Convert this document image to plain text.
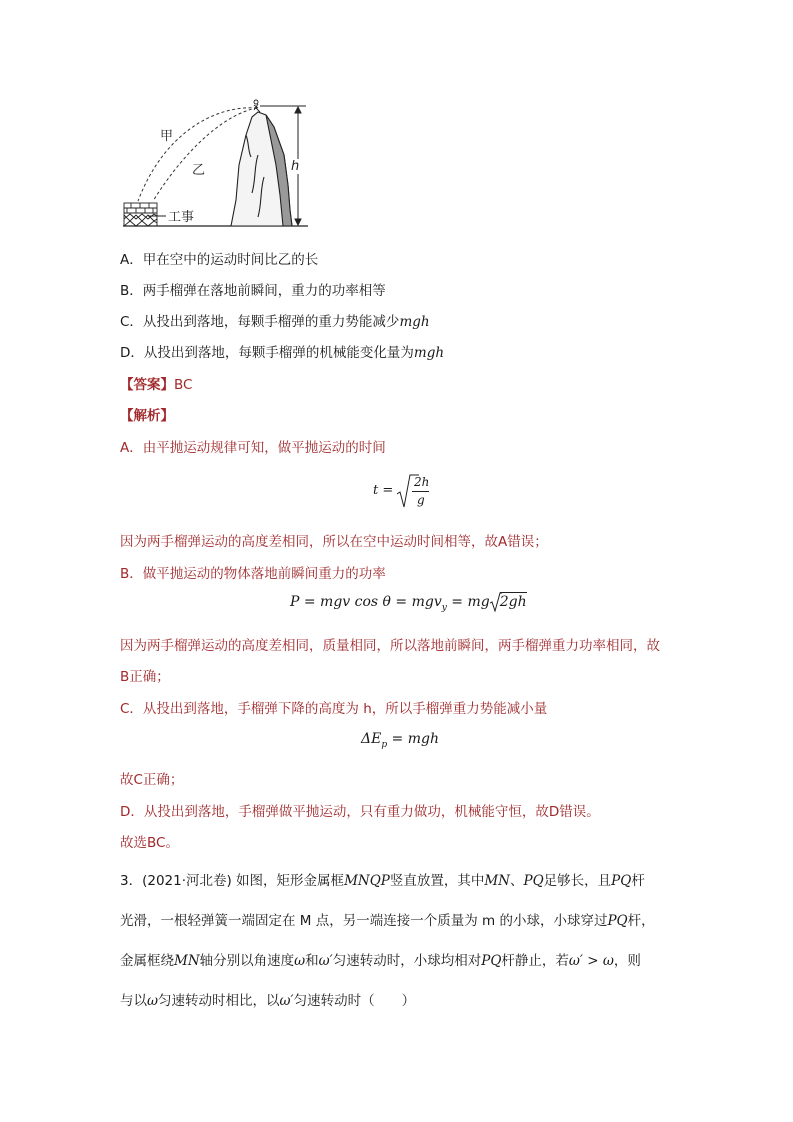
甲
乙	h
工事
A．甲在空中的运动时间比乙的长
B．两手榴弹在落地前瞬间，重力的功率相等
C．从投出到落地，每颗手榴弹的重力势能减少mgh
D．从投出到落地，每颗手榴弹的机械能变化量为mgh
【答案】BC
【解析】
A．由平抛运动规律可知，做平抛运动的时间
t =
2h
g
因为两手榴弹运动的高度差相同，所以在空中运动时间相等，故A错误；
B．做平抛运动的物体落地前瞬间重力的功率
P = mgv cos θ = mgv$_y$ = mg 2gh
因为两手榴弹运动的高度差相同，质量相同，所以落地前瞬间，两手榴弹重力功率相同，故
B正确；
C．从投出到落地，手榴弹下降的高度为 h，所以手榴弹重力势能减小量
$\Delta E_p$ = mgh
故C正确；
D．从投出到落地，手榴弹做平抛运动，只有重力做功，机械能守恒，故D错误。
故选BC。
3．(2021·河北卷) 如图，矩形金属框MNQP竖直放置，其中MN、PQ足够长，且PQ杆
光滑，一根轻弹簧一端固定在 M 点，另一端连接一个质量为 m 的小球，小球穿过PQ杆，
金属框绕MN轴分别以角速度ω和ω′匀速转动时，小球均相对PQ杆静止，若ω′ > ω，则
与以ω匀速转动时相比，以ω′匀速转动时（　　）
